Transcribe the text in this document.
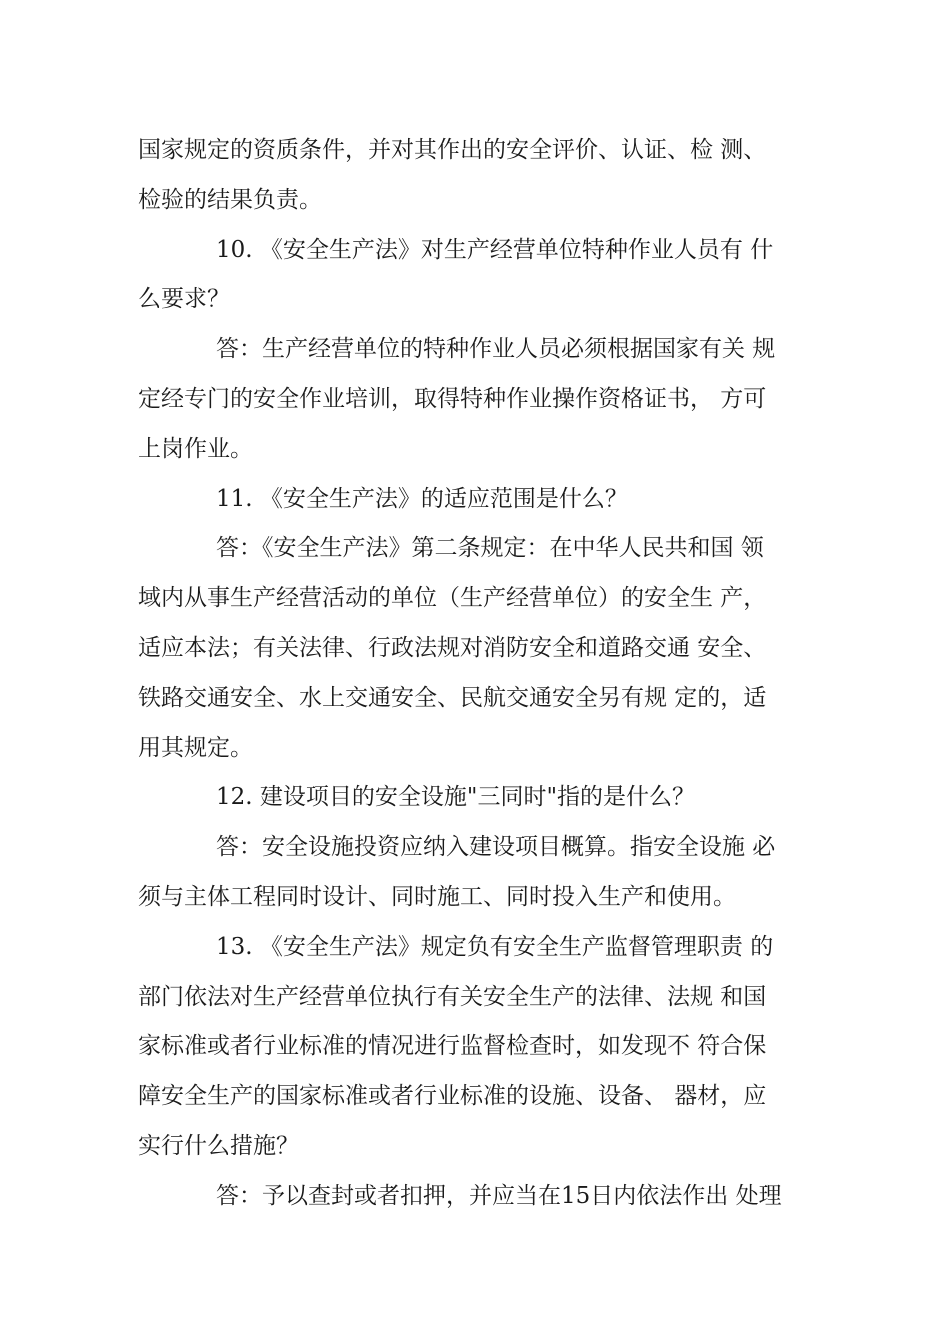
国家规定的资质条件，并对其作出的安全评价、认证、检 测、
检验的结果负责。
10. 《安全生产法》对生产经营单位特种作业人员有 什
么要求？
答：生产经营单位的特种作业人员必须根据国家有关 规
定经专门的安全作业培训，取得特种作业操作资格证书， 方可
上岗作业。
11. 《安全生产法》的适应范围是什么？
答：《安全生产法》第二条规定：在中华人民共和国 领
域内从事生产经营活动的单位（生产经营单位）的安全生 产，
适应本法；有关法律、行政法规对消防安全和道路交通 安全、
铁路交通安全、水上交通安全、民航交通安全另有规 定的，适
用其规定。
12. 建设项目的安全设施"三同时"指的是什么？
答：安全设施投资应纳入建设项目概算。指安全设施 必
须与主体工程同时设计、同时施工、同时投入生产和使用。
13. 《安全生产法》规定负有安全生产监督管理职责 的
部门依法对生产经营单位执行有关安全生产的法律、法规 和国
家标准或者行业标准的情况进行监督检查时，如发现不 符合保
障安全生产的国家标准或者行业标准的设施、设备、 器材，应
实行什么措施？
答：予以查封或者扣押，并应当在15日内依法作出 处理
